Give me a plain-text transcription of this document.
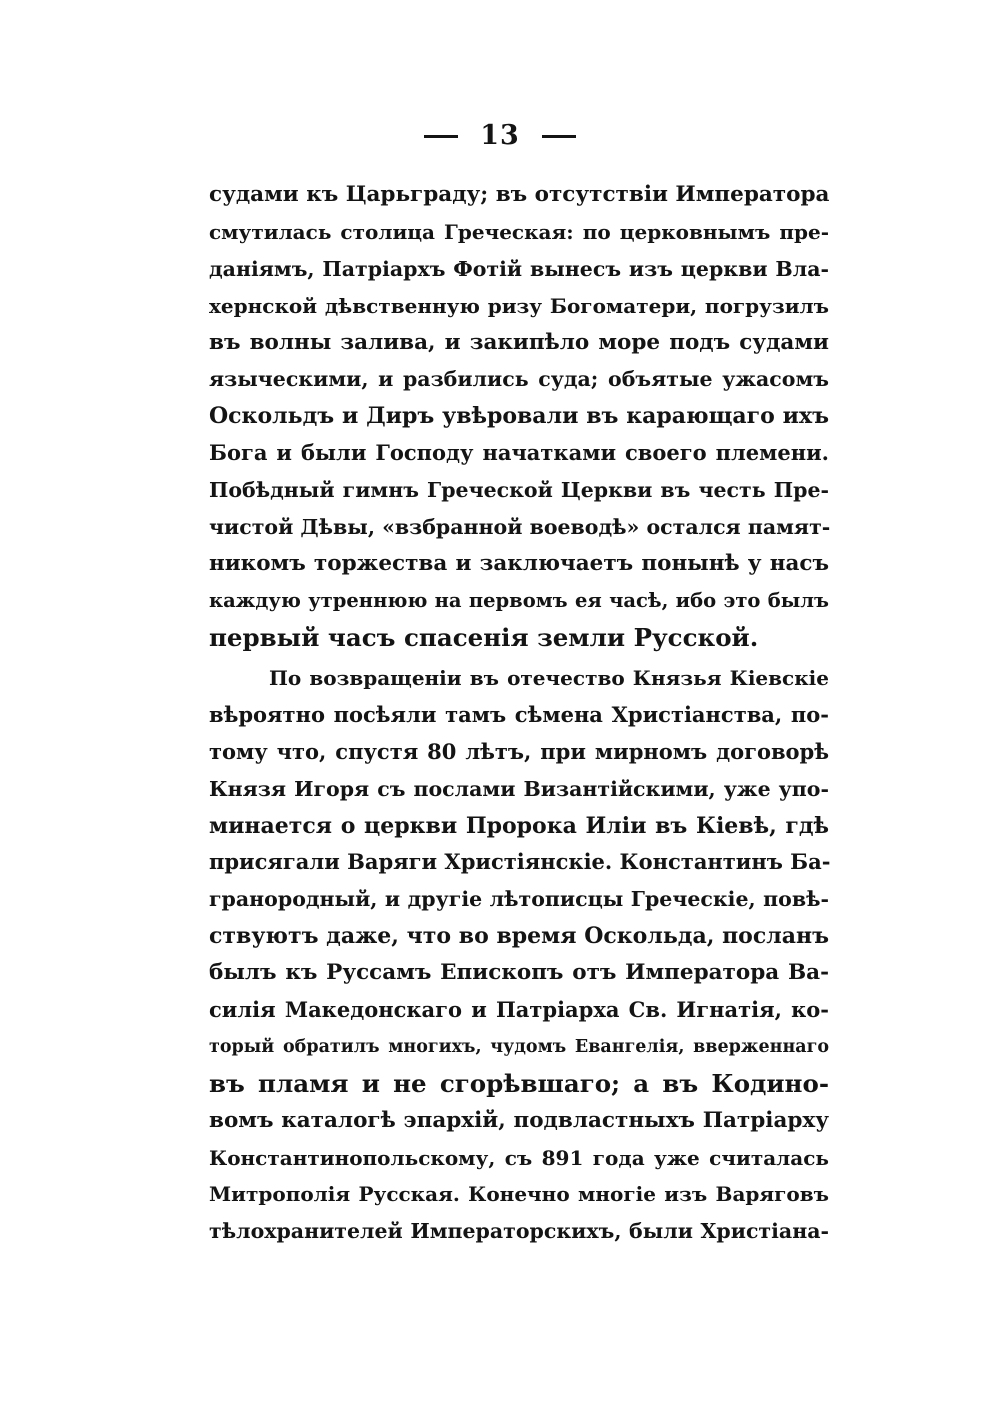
13
судами къ Царьграду; въ отсутствіи Императора
смутилась столица Греческая: по церковнымъ пре-
даніямъ, Патріархъ Фотій вынесъ изъ церкви Вла-
хернской дѣвственную ризу Богоматери, погрузилъ
въ волны залива, и закипѣло море подъ судами
языческими, и разбились суда; объятые ужасомъ
Оскольдъ и Диръ увѣровали въ карающаго ихъ
Бога и были Господу начатками своего племени.
Побѣдный гимнъ Греческой Церкви въ честь Пре-
чистой Дѣвы, «взбранной воеводѣ» остался памят-
никомъ торжества и заключаетъ понынѣ у насъ
каждую утреннюю на первомъ ея часѣ, ибо это былъ
первый часъ спасенія земли Русской.
По возвращеніи въ отечество Князья Кіевскіе
вѣроятно посѣяли тамъ сѣмена Христіанства, по-
тому что, спустя 80 лѣтъ, при мирномъ договорѣ
Князя Игоря съ послами Византійскими, уже упо-
минается о церкви Пророка Иліи въ Кіевѣ, гдѣ
присягали Варяги Христіянскіе. Константинъ Ба-
гранородный, и другіе лѣтописцы Греческіе, повѣ-
ствуютъ даже, что во время Оскольда, посланъ
былъ къ Руссамъ Епископъ отъ Императора Ва-
силія Македонскаго и Патріарха Св. Игнатія, ко-
торый обратилъ многихъ, чудомъ Евангелія, вверженнаго
въ пламя и не сгорѣвшаго; а въ Кодино-
вомъ каталогѣ эпархій, подвластныхъ Патріарху
Константинопольскому, съ 891 года уже считалась
Митрополія Русская. Конечно многіе изъ Варяговъ
тѣлохранителей Императорскихъ, были Христіана-
